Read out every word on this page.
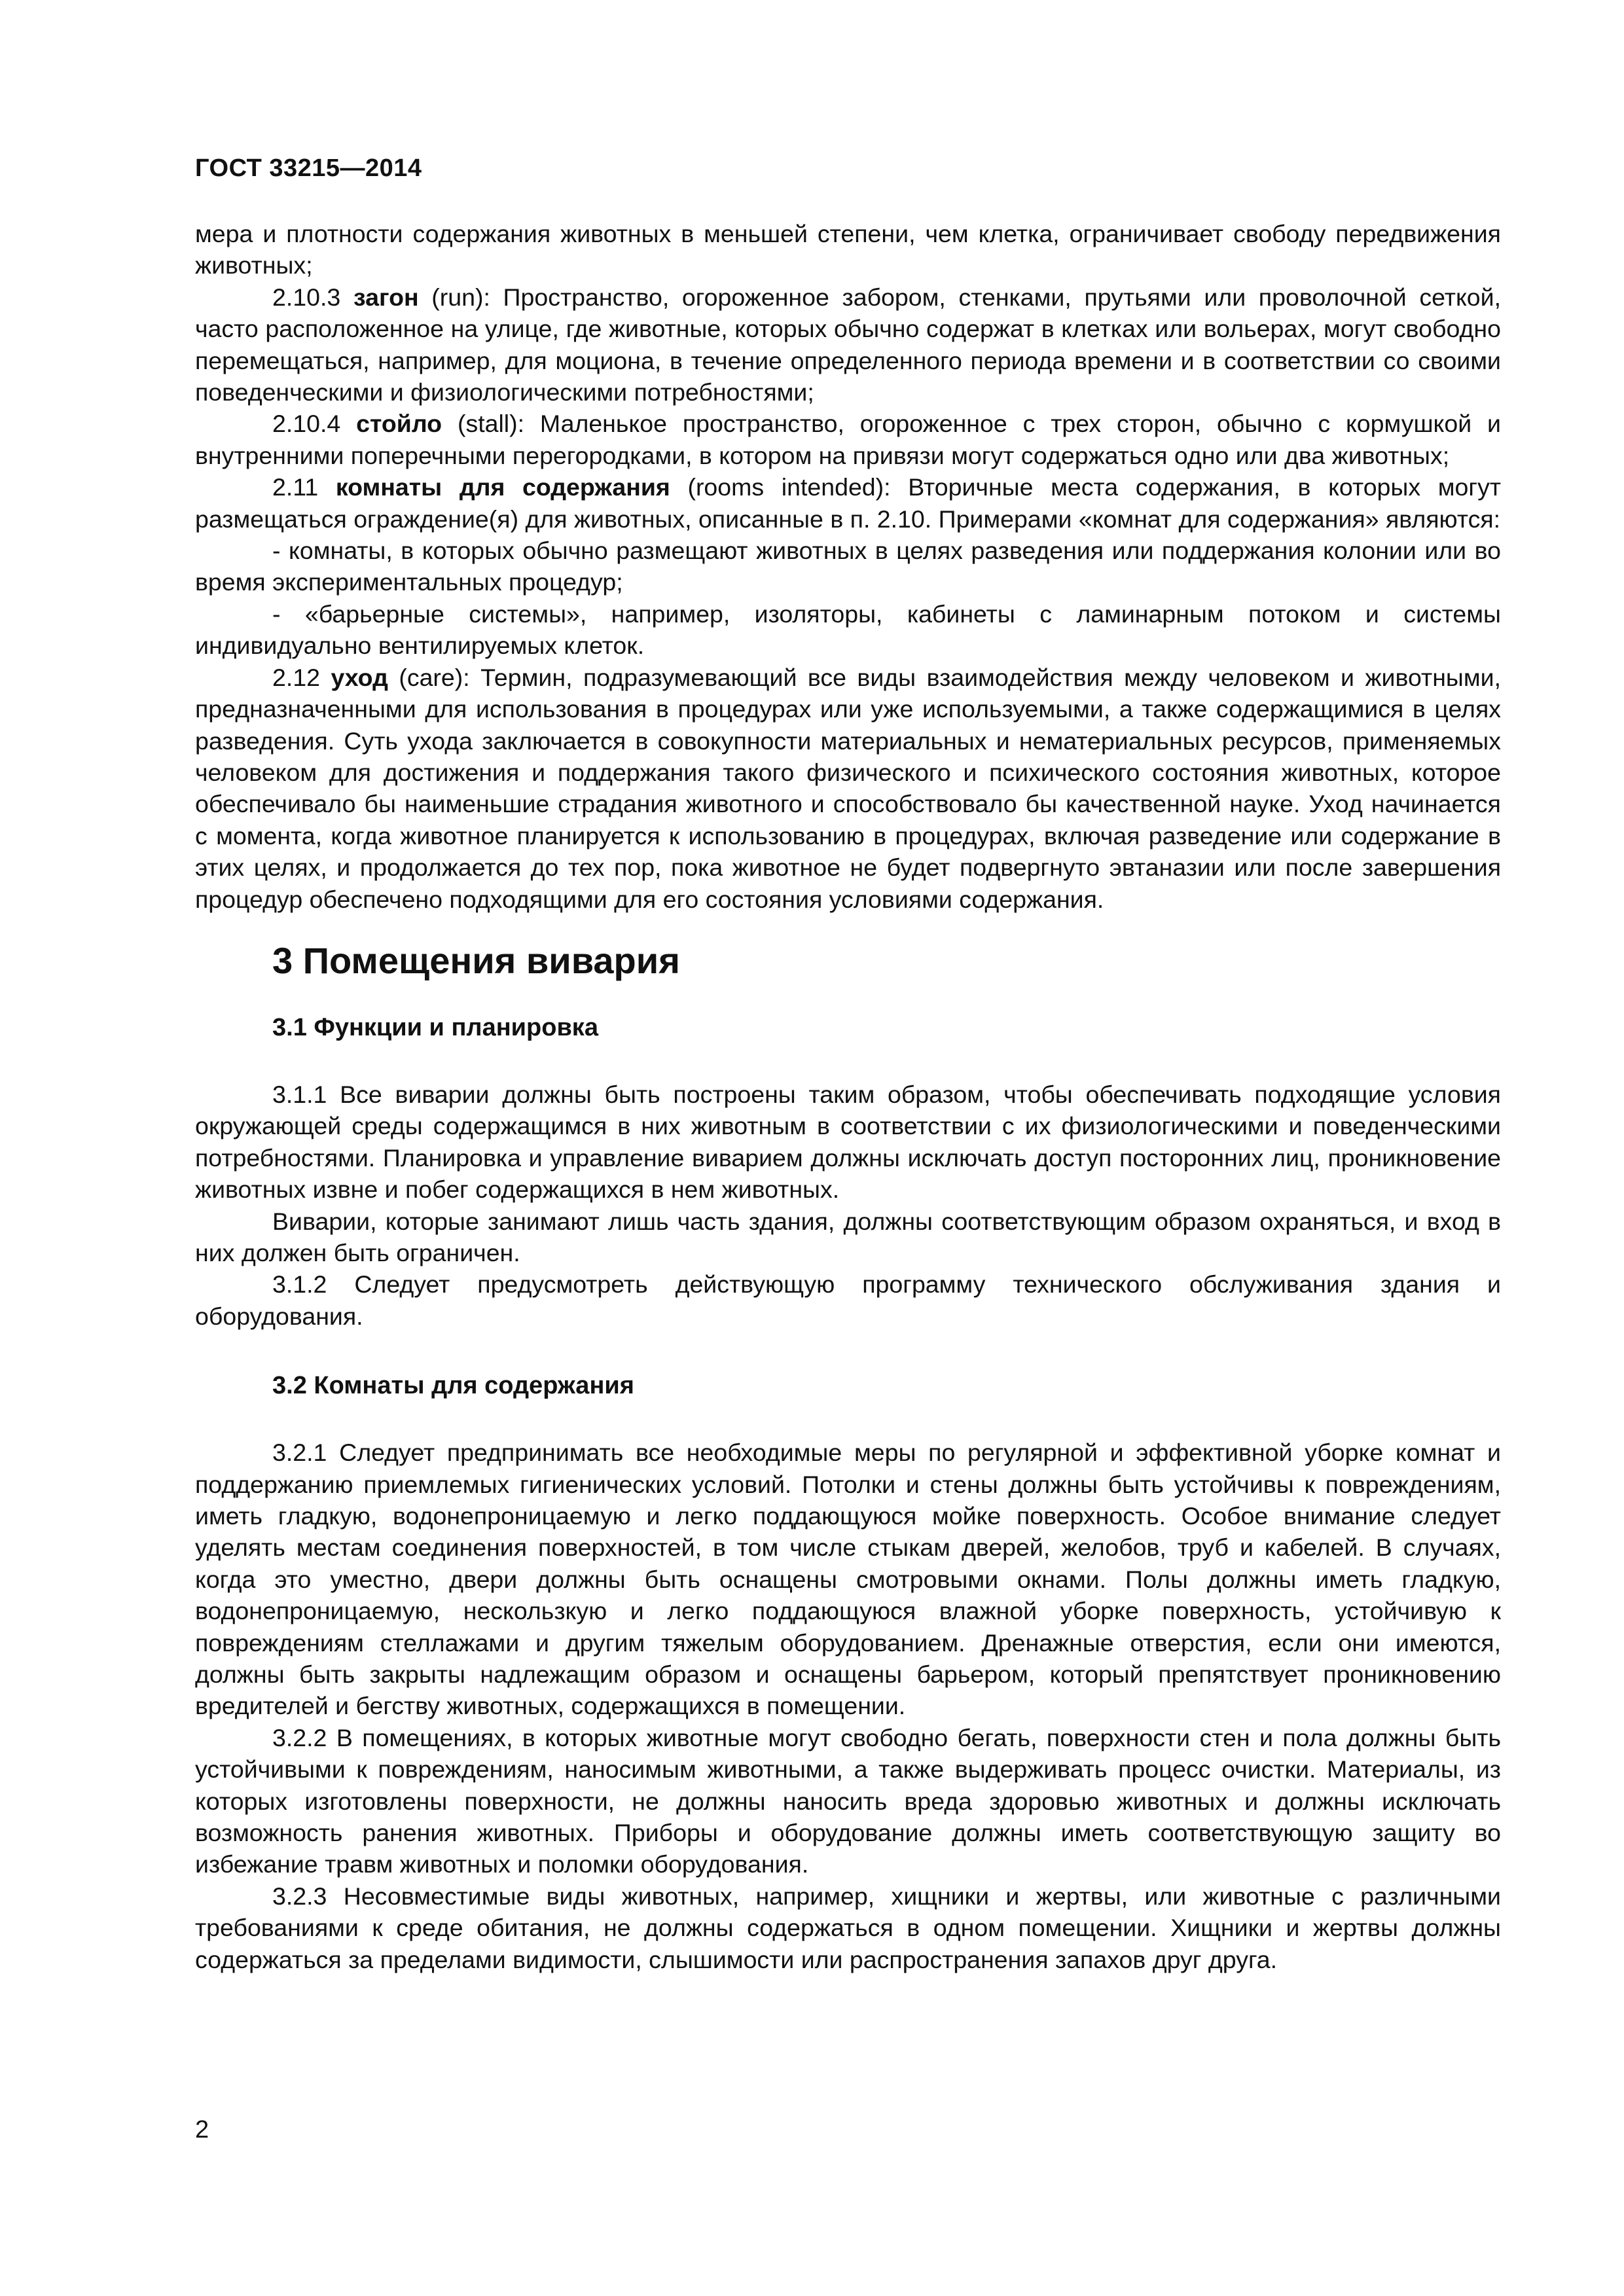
ГОСТ 33215—2014

мера и плотности содержания животных в меньшей степени, чем клетка, ограничивает свободу передвижения животных;

2.10.3 загон (run): Пространство, огороженное забором, стенками, прутьями или проволочной сеткой, часто расположенное на улице, где животные, которых обычно содержат в клетках или вольерах, могут свободно перемещаться, например, для моциона, в течение определенного периода времени и в соответствии со своими поведенческими и физиологическими потребностями;

2.10.4 стойло (stall): Маленькое пространство, огороженное с трех сторон, обычно с кормушкой и внутренними поперечными перегородками, в котором на привязи могут содержаться одно или два животных;

2.11 комнаты для содержания (rooms intended): Вторичные места содержания, в которых могут размещаться ограждение(я) для животных, описанные в п. 2.10. Примерами «комнат для содержания» являются:

- комнаты, в которых обычно размещают животных в целях разведения или поддержания колонии или во время экспериментальных процедур;

- «барьерные системы», например, изоляторы, кабинеты с ламинарным потоком и системы индивидуально вентилируемых клеток.

2.12 уход (care): Термин, подразумевающий все виды взаимодействия между человеком и животными, предназначенными для использования в процедурах или уже используемыми, а также содержащимися в целях разведения. Суть ухода заключается в совокупности материальных и нематериальных ресурсов, применяемых человеком для достижения и поддержания такого физического и психического состояния животных, которое обеспечивало бы наименьшие страдания животного и способствовало бы качественной науке. Уход начинается с момента, когда животное планируется к использованию в процедурах, включая разведение или содержание в этих целях, и продолжается до тех пор, пока животное не будет подвергнуто эвтаназии или после завершения процедур обеспечено подходящими для его состояния условиями содержания.

3 Помещения вивария
3.1 Функции и планировка

3.1.1 Все виварии должны быть построены таким образом, чтобы обеспечивать подходящие условия окружающей среды содержащимся в них животным в соответствии с их физиологическими и поведенческими потребностями. Планировка и управление виварием должны исключать доступ посторонних лиц, проникновение животных извне и побег содержащихся в нем животных.

Виварии, которые занимают лишь часть здания, должны соответствующим образом охраняться, и вход в них должен быть ограничен.

3.1.2 Следует предусмотреть действующую программу технического обслуживания здания и оборудования.

3.2 Комнаты для содержания

3.2.1 Следует предпринимать все необходимые меры по регулярной и эффективной уборке комнат и поддержанию приемлемых гигиенических условий. Потолки и стены должны быть устойчивы к повреждениям, иметь гладкую, водонепроницаемую и легко поддающуюся мойке поверхность. Особое внимание следует уделять местам соединения поверхностей, в том числе стыкам дверей, желобов, труб и кабелей. В случаях, когда это уместно, двери должны быть оснащены смотровыми окнами. Полы должны иметь гладкую, водонепроницаемую, нескользкую и легко поддающуюся влажной уборке поверхность, устойчивую к повреждениям стеллажами и другим тяжелым оборудованием. Дренажные отверстия, если они имеются, должны быть закрыты надлежащим образом и оснащены барьером, который препятствует проникновению вредителей и бегству животных, содержащихся в помещении.

3.2.2 В помещениях, в которых животные могут свободно бегать, поверхности стен и пола должны быть устойчивыми к повреждениям, наносимым животными, а также выдерживать процесс очистки. Материалы, из которых изготовлены поверхности, не должны наносить вреда здоровью животных и должны исключать возможность ранения животных. Приборы и оборудование должны иметь соответствующую защиту во избежание травм животных и поломки оборудования.

3.2.3 Несовместимые виды животных, например, хищники и жертвы, или животные с различными требованиями к среде обитания, не должны содержаться в одном помещении. Хищники и жертвы должны содержаться за пределами видимости, слышимости или распространения запахов друг друга.

2
